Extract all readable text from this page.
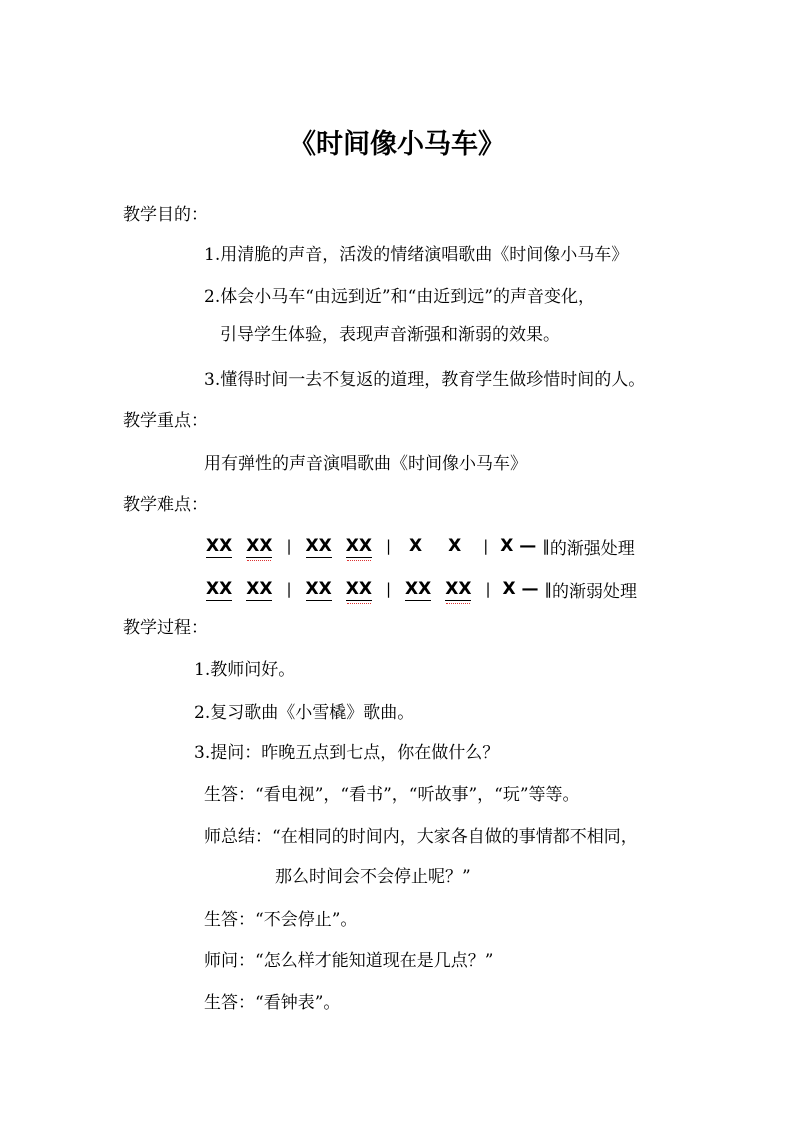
《时间像小马车》
教学目的：
1.用清脆的声音，活泼的情绪演唱歌曲《时间像小马车》
2.体会小马车“由远到近”和“由近到远”的声音变化，
引导学生体验，表现声音渐强和渐弱的效果。
3.懂得时间一去不复返的道理，教育学生做珍惜时间的人。
教学重点：
用有弹性的声音演唱歌曲《时间像小马车》
教学难点：
XX XX | XX XX | X X | X — ‖ 的渐强处理
XX XX | XX XX | XX XX | X — ‖ 的渐弱处理
教学过程：
1.教师问好。
2.复习歌曲《小雪橇》歌曲。
3.提问：昨晚五点到七点，你在做什么？
生答：“看电视”，“看书”，“听故事”，“玩”等等。
师总结：“在相同的时间内，大家各自做的事情都不相同，
那么时间会不会停止呢？”
生答：“不会停止”。
师问：“怎么样才能知道现在是几点？”
生答：“看钟表”。
